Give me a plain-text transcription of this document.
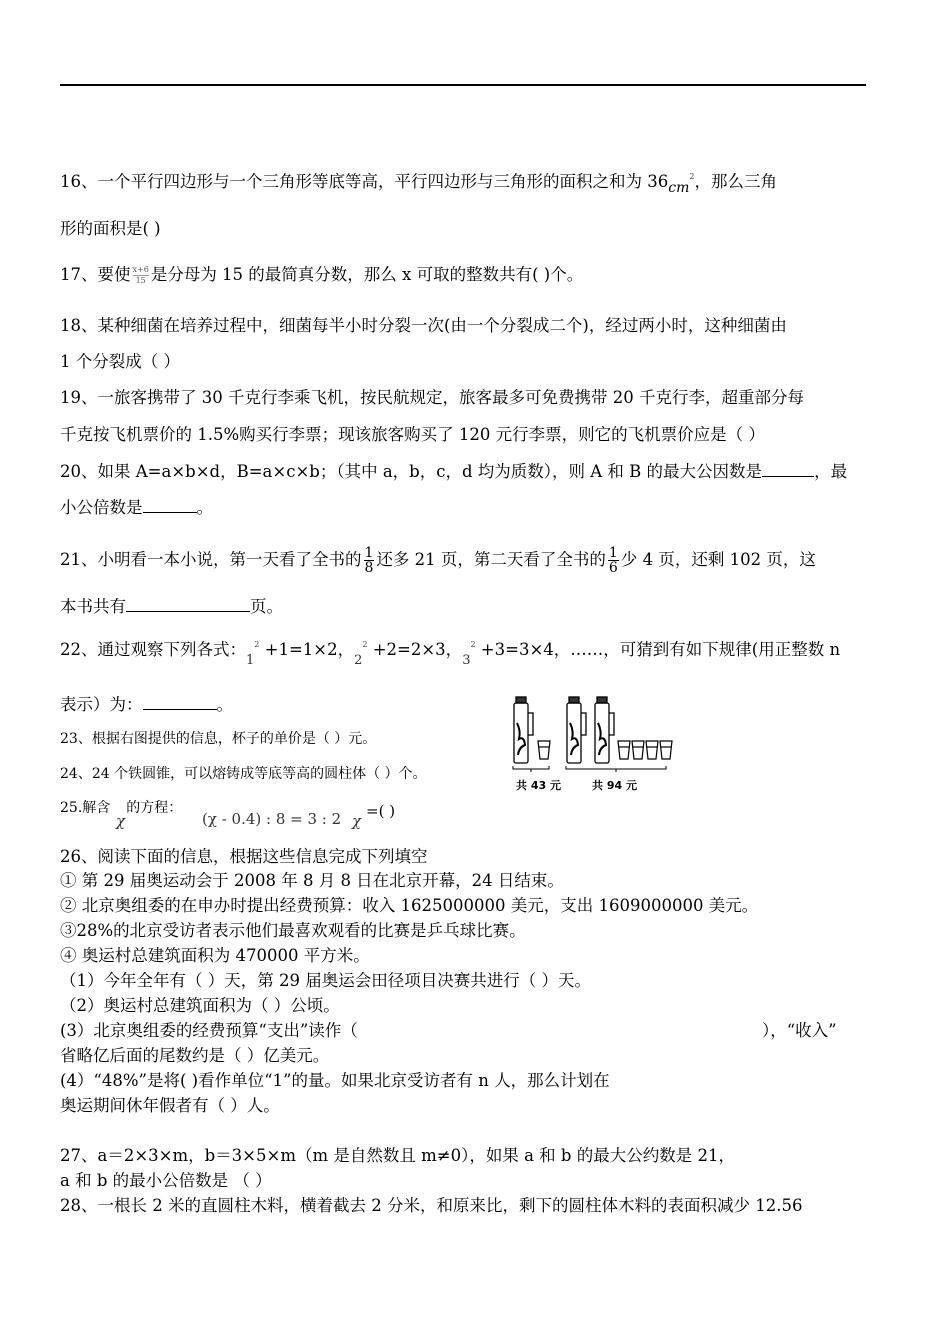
16、一个平行四边形与一个三角形等底等高，平行四边形与三角形的面积之和为 $36_{cm}^2$，那么三角
形的面积是( )
17、要使 $\frac{x+6}{15}$ 是分母为 15 的最简真分数，那么 x 可取的整数共有( )个。
18、某种细菌在培养过程中，细菌每半小时分裂一次(由一个分裂成二个)，经过两小时，这种细菌由
1 个分裂成（ ）
19、一旅客携带了 30 千克行李乘飞机，按民航规定，旅客最多可免费携带 20 千克行李，超重部分每
千克按飞机票价的 1.5%购买行李票；现该旅客购买了 120 元行李票，则它的飞机票价应是（ ）
20、如果 A=a×b×d，B=a×c×b；（其中 a，b，c，d 均为质数），则 A 和 B 的最大公因数是	，最
小公倍数是	。
21、小明看一本小说，第一天看了全书的 $\frac{1}{8}$ 还多 21 页，第二天看了全书的 $\frac{1}{6}$ 少 4 页，还剩 102 页，这
本书共有	页。
22、通过观察下列各式：$_1^2$ +1=1×2，$_2^2$ +2=2×3，$_3^2$ +3=3×4，……，可猜到有如下规律(用正整数 n
表示）为：	。
23、根据右图提供的信息，杯子的单价是（ ）元。
24、24 个铁圆锥，可以熔铸成等底等高的圆柱体（ ）个。
25.解含 的方程：
χ	(χ - 0.4) : 8 = 3 : 2 χ
=( )
共 43 元	共 94 元
26、阅读下面的信息，根据这些信息完成下列填空
① 第 29 届奥运动会于 2008 年 8 月 8 日在北京开幕，24 日结束。
② 北京奥组委的在申办时提出经费预算：收入 1625000000 美元，支出 1609000000 美元。
③28%的北京受访者表示他们最喜欢观看的比赛是乒乓球比赛。
④ 奥运村总建筑面积为 470000 平方米。
（1）今年全年有（ ）天，第 29 届奥运会田径项目决赛共进行（ ）天。
（2）奥运村总建筑面积为（ ）公顷。
(3）北京奥组委的经费预算“支出”读作（	），“收入”
省略亿后面的尾数约是（ ）亿美元。
(4）“48%”是将( )看作单位“1”的量。如果北京受访者有 n 人，那么计划在
奥运期间休年假者有（ ）人。
27、a＝2×3×m，b＝3×5×m（m 是自然数且 m≠0），如果 a 和 b 的最大公约数是 21，
a 和 b 的最小公倍数是 （ ）
28、一根长 2 米的直圆柱木料，横着截去 2 分米，和原来比，剩下的圆柱体木料的表面积减少 12.56
